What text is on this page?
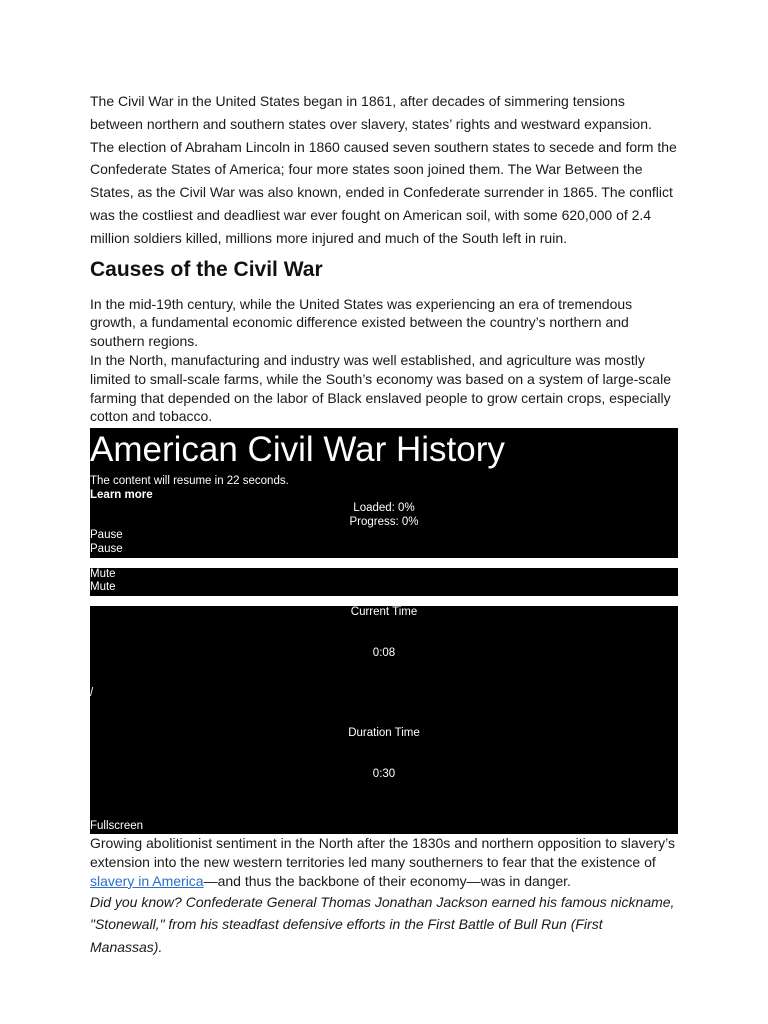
The Civil War in the United States began in 1861, after decades of simmering tensions between northern and southern states over slavery, states’ rights and westward expansion. The election of Abraham Lincoln in 1860 caused seven southern states to secede and form the Confederate States of America; four more states soon joined them. The War Between the States, as the Civil War was also known, ended in Confederate surrender in 1865. The conflict was the costliest and deadliest war ever fought on American soil, with some 620,000 of 2.4 million soldiers killed, millions more injured and much of the South left in ruin.

Causes of the Civil War

In the mid-19th century, while the United States was experiencing an era of tremendous growth, a fundamental economic difference existed between the country’s northern and southern regions.

In the North, manufacturing and industry was well established, and agriculture was mostly limited to small-scale farms, while the South’s economy was based on a system of large-scale farming that depended on the labor of Black enslaved people to grow certain crops, especially cotton and tobacco.

American Civil War History
The content will resume in 22 seconds.
Learn more
Loaded: 0%
Progress: 0%
Pause
Pause
Mute
Mute
Current Time
0:08
/
Duration Time
0:30
Fullscreen

Growing abolitionist sentiment in the North after the 1830s and northern opposition to slavery’s extension into the new western territories led many southerners to fear that the existence of slavery in America—and thus the backbone of their economy—was in danger.

Did you know? Confederate General Thomas Jonathan Jackson earned his famous nickname, "Stonewall," from his steadfast defensive efforts in the First Battle of Bull Run (First Manassas).
